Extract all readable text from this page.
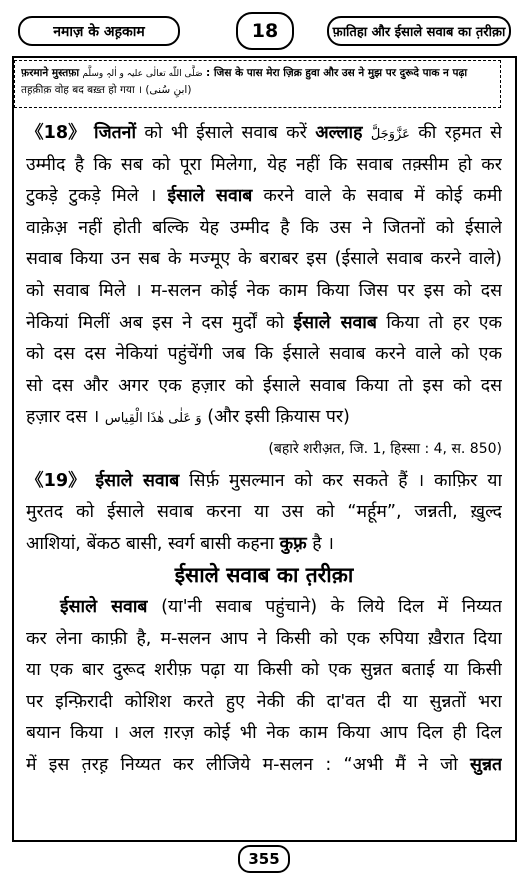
नमाज़ के अह़काम	18	फ़ातिहा और ईसाले सवाब का त़रीक़ा
फ़रमाने मुस्तफ़ा صَلَّى اللّٰه تعالٰی علیہ و اٰلہٖ وسلَّم : जिस के पास मेरा ज़िक्र हुवा और उस ने मुझ पर दुरूदे पाक न पढ़ा
तह़क़ीक़ वोह बद बख़्त हो गया । (ابنِ سُنی)
《18》 जितनों को भी ईसाले सवाब करें अल्लाह عَزَّوَجَلَّ की रह़मत से
उम्मीद है कि सब को पूरा मिलेगा, येह नहीं कि सवाब तक़्सीम हो कर
टुकड़े टुकड़े मिले । ईसाले सवाब करने वाले के सवाब में कोई कमी
वाक़ेअ़ नहीं होती बल्कि येह उम्मीद है कि उस ने जितनों को ईसाले
सवाब किया उन सब के मज्मूए के बराबर इस (ईसाले सवाब करने वाले)
को सवाब मिले । म-सलन कोई नेक काम किया जिस पर इस को दस
नेकियां मिलीं अब इस ने दस मुर्दों को ईसाले सवाब किया तो हर एक
को दस दस नेकियां पहुंचेंगी जब कि ईसाले सवाब करने वाले को एक
सो दस और अगर एक हज़ार को ईसाले सवाब किया तो इस को दस
हज़ार दस । وَ عَلٰی ھٰذَا الْقِیاس (और इसी क़ियास पर)
(बहारे शरीअ़त, जि. 1, हिस्सा : 4, स. 850)
《19》 ईसाले सवाब सिर्फ़ मुसल्मान को कर सकते हैं । काफ़िर या
मुरतद को ईसाले सवाब करना या उस को “मर्हूम”, जन्नती, ख़ुल्द
आशियां, बेंकठ बासी, स्वर्ग बासी कहना कुफ़्र है ।
ईसाले सवाब का त़रीक़ा
ईसाले सवाब (या'नी सवाब पहुंचाने) के लिये दिल में निय्यत
कर लेना काफ़ी है, म-सलन आप ने किसी को एक रुपिया ख़ैरात दिया
या एक बार दुरूद शरीफ़ पढ़ा या किसी को एक सुन्नत बताई या किसी
पर इन्फ़िरादी कोशिश करते हुए नेकी की दा'वत दी या सुन्नतों भरा
बयान किया । अल ग़रज़ कोई भी नेक काम किया आप दिल ही दिल
में इस त़रह़ निय्यत कर लीजिये म-सलन : “अभी मैं ने जो सुन्नत
355
